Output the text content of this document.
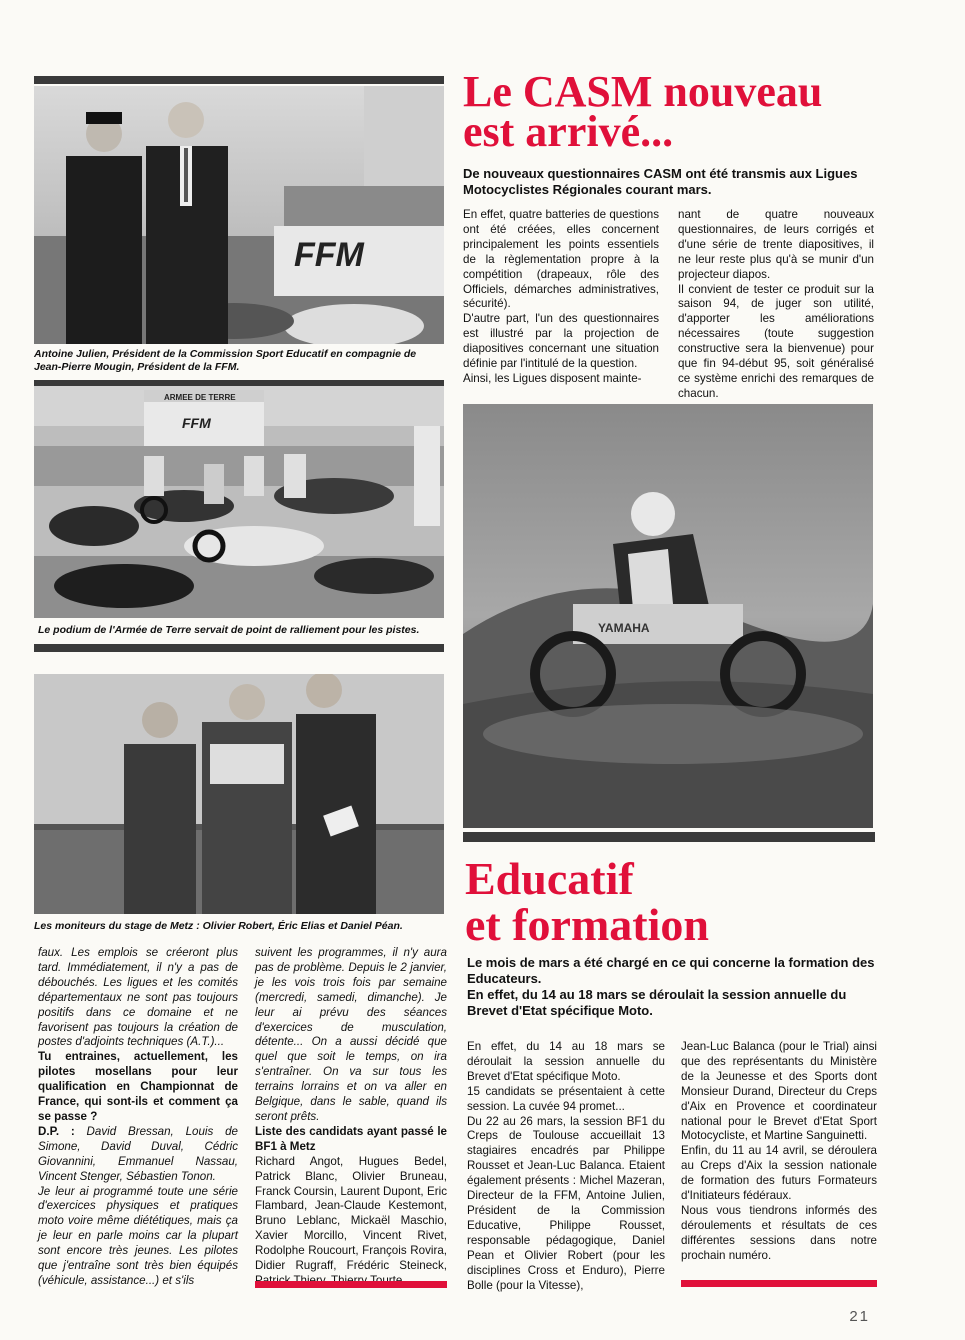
FFM
Antoine Julien, Président de la Commission Sport Educatif en compagnie de Jean-Pierre Mougin, Président de la FFM.
ARMEE DE TERRE
FFM
Le podium de l'Armée de Terre servait de point de ralliement pour les pistes.
Les moniteurs du stage de Metz : Olivier Robert, Éric Elias et Daniel Péan.
Le CASM nouveau
est arrivé...
De nouveaux questionnaires CASM ont été transmis aux Ligues Motocyclistes Régionales courant mars.

En effet, quatre batteries de questions ont été créées, elles concernent principalement les points essentiels de la règlementation propre à la compétition (drapeaux, rôle des Officiels, démarches administratives, sécurité).

D'autre part, l'un des questionnaires est illustré par la projection de diapositives concernant une situation définie par l'intitulé de la question.

Ainsi, les Ligues disposent mainte-

nant de quatre nouveaux questionnaires, de leurs corrigés et d'une série de trente diapositives, il ne leur reste plus qu'à se munir d'un projecteur diapos.

Il convient de tester ce produit sur la saison 94, de juger son utilité, d'apporter les améliorations nécessaires (toute suggestion constructive sera la bienvenue) pour que fin 94-début 95, soit généralisé ce système enrichi des remarques de chacun.

YAMAHA
Educatif
et formation
Le mois de mars a été chargé en ce qui concerne la formation des Educateurs.
En effet, du 14 au 18 mars se déroulait la session annuelle du Brevet d'Etat spécifique Moto.

En effet, du 14 au 18 mars se déroulait la session annuelle du Brevet d'Etat spécifique Moto.

15 candidats se présentaient à cette session. La cuvée 94 promet...

Du 22 au 26 mars, la session BF1 du Creps de Toulouse accueillait 13 stagiaires encadrés par Philippe Rousset et Jean-Luc Balanca. Etaient également présents : Michel Mazeran, Directeur de la FFM, Antoine Julien, Président de la Commission Educative, Philippe Rousset, responsable pédagogique, Daniel Pean et Olivier Robert (pour les disciplines Cross et Enduro), Pierre Bolle (pour la Vitesse),

Jean-Luc Balanca (pour le Trial) ainsi que des représentants du Ministère de la Jeunesse et des Sports dont Monsieur Durand, Directeur du Creps d'Aix en Provence et coordinateur national pour le Brevet d'Etat Sport Motocycliste, et Martine Sanguinetti.

Enfin, du 11 au 14 avril, se déroulera au Creps d'Aix la session nationale de formation des futurs Formateurs d'Initiateurs fédéraux.

Nous vous tiendrons informés des déroulements et résultats de ces différentes sessions dans notre prochain numéro.

faux. Les emplois se créeront plus tard. Immédiatement, il n'y a pas de débouchés. Les ligues et les comités départementaux ne sont pas toujours positifs dans ce domaine et ne favorisent pas toujours la création de postes d'adjoints techniques (A.T.)...

Tu entraines, actuellement, les pilotes mosellans pour leur qualification en Championnat de France, qui sont-ils et comment ça se passe ?

D.P. : David Bressan, Louis de Simone, David Duval, Cédric Giovannini, Emmanuel Nassau, Vincent Stenger, Sébastien Tonon.

Je leur ai programmé toute une série d'exercices physiques et pratiques moto voire même diététiques, mais ça je leur en parle moins car la plupart sont encore très jeunes. Les pilotes que j'entraîne sont très bien équipés (véhicule, assistance...) et s'ils

suivent les programmes, il n'y aura pas de problème. Depuis le 2 janvier, je les vois trois fois par semaine (mercredi, samedi, dimanche). Je leur ai prévu des séances d'exercices de musculation, détente... On a aussi décidé que quel que soit le temps, on ira s'entraîner. On va sur tous les terrains lorrains et on va aller en Belgique, dans le sable, quand ils seront prêts.

Liste des candidats ayant passé le BF1 à Metz

Richard Angot, Hugues Bedel, Patrick Blanc, Olivier Bruneau, Franck Coursin, Laurent Dupont, Eric Flambard, Jean-Claude Kestemont, Bruno Leblanc, Mickaël Maschio, Xavier Morcillo, Vincent Rivet, Rodolphe Roucourt, François Rovira, Didier Rugraff, Frédéric Steineck,

21
